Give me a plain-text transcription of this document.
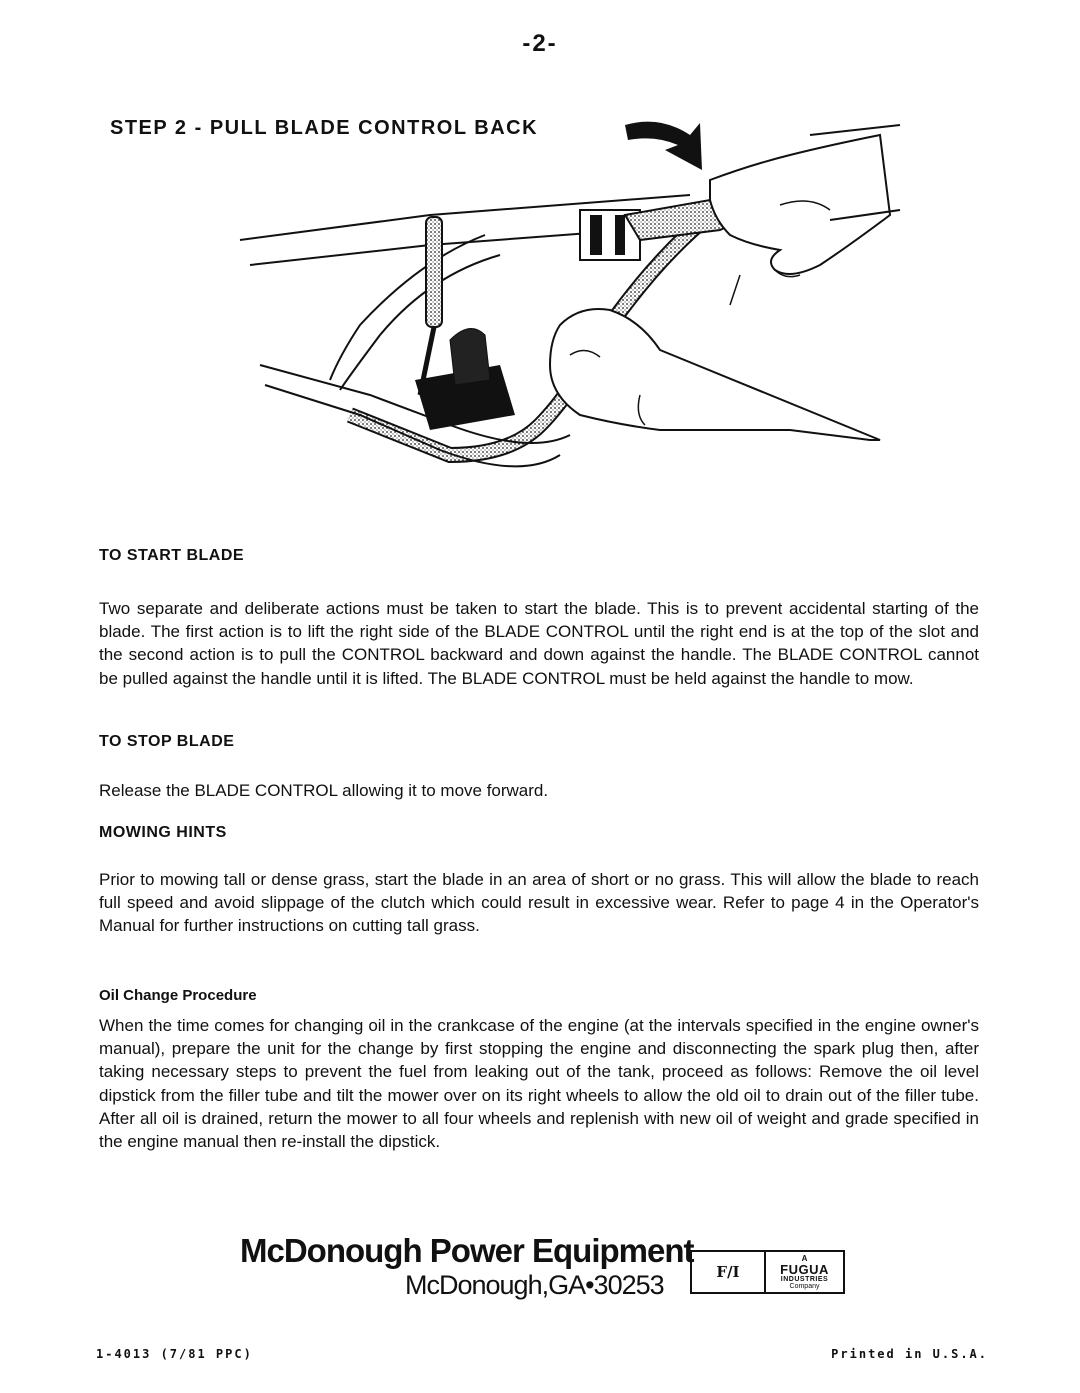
-2-
STEP 2 - PULL BLADE CONTROL BACK
TO START BLADE
Two separate and deliberate actions must be taken to start the blade. This is to prevent accidental starting of the blade. The first action is to lift the right side of the BLADE CONTROL until the right end is at the top of the slot and the second action is to pull the CONTROL backward and down against the handle. The BLADE CONTROL cannot be pulled against the handle until it is lifted. The BLADE CONTROL must be held against the handle to mow.
TO STOP BLADE
Release the BLADE CONTROL allowing it to move forward.
MOWING HINTS
Prior to mowing tall or dense grass, start the blade in an area of short or no grass. This will allow the blade to reach full speed and avoid slippage of the clutch which could result in excessive wear. Refer to page 4 in the Operator's Manual for further instructions on cutting tall grass.
Oil Change Procedure
When the time comes for changing oil in the crankcase of the engine (at the intervals specified in the engine owner's manual), prepare the unit for the change by first stopping the engine and disconnecting the spark plug then, after taking necessary steps to prevent the fuel from leaking out of the tank, proceed as follows: Remove the oil level dipstick from the filler tube and tilt the mower over on its right wheels to allow the old oil to drain out of the filler tube. After all oil is drained, return the mower to all four wheels and replenish with new oil of weight and grade specified in the engine manual then re-install the dipstick.
McDonough Power Equipment
McDonough,GA•30253	F/I
A
FUGUA
INDUSTRIES
Company
1-4013 (7/81 PPC)	Printed in U.S.A.
